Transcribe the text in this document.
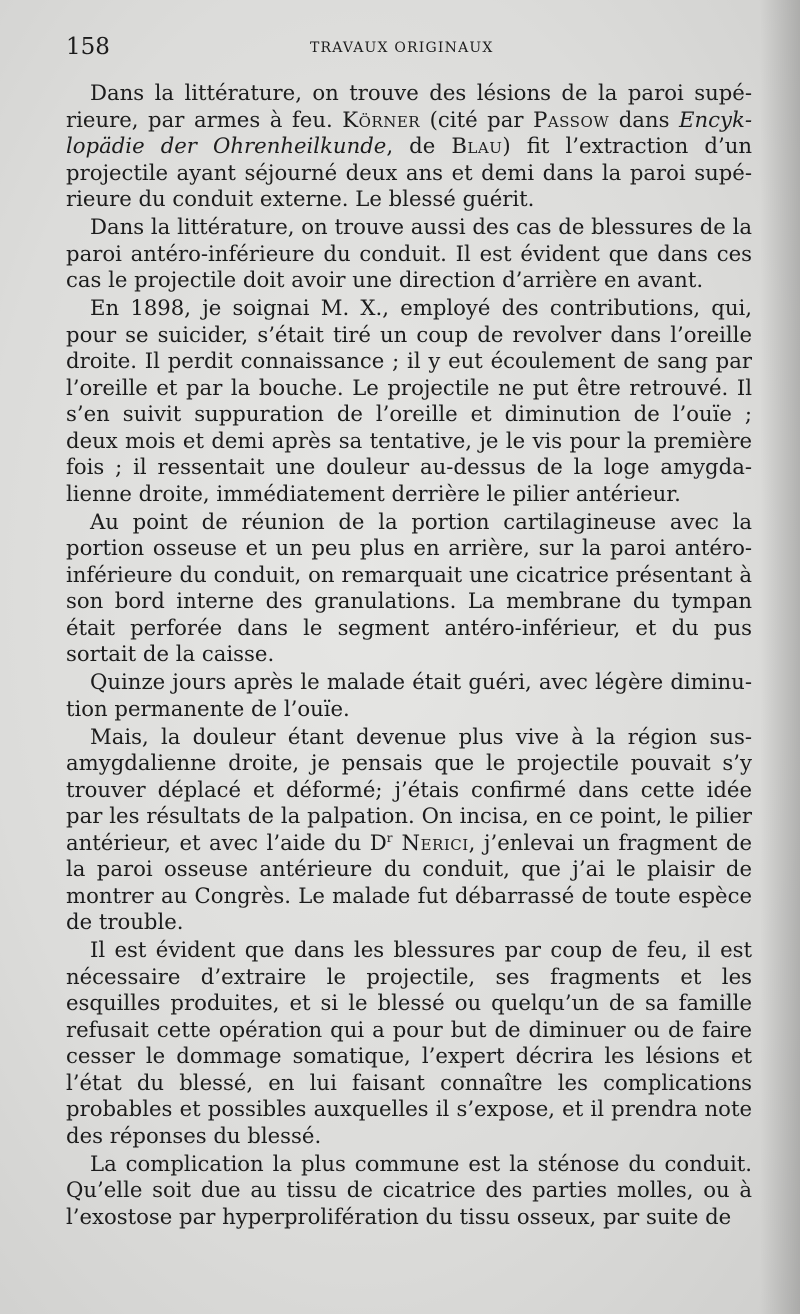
158	TRAVAUX ORIGINAUX

Dans la littérature, on trouve des lésions de la paroi supérieure, par armes à feu. Körner (cité par Passow dans Encyklopädie der Ohrenheilkunde, de Blau) fit l’extraction d’un projectile ayant séjourné deux ans et demi dans la paroi supérieure du conduit externe. Le blessé guérit.

Dans la littérature, on trouve aussi des cas de blessures de la paroi antéro-inférieure du conduit. Il est évident que dans ces cas le projectile doit avoir une direction d’arrière en avant.

En 1898, je soignai M. X., employé des contributions, qui, pour se suicider, s’était tiré un coup de revolver dans l’oreille droite. Il perdit connaissance ; il y eut écoulement de sang par l’oreille et par la bouche. Le projectile ne put être retrouvé. Il s’en suivit suppuration de l’oreille et diminution de l’ouïe ; deux mois et demi après sa tentative, je le vis pour la première fois ; il ressentait une douleur au-dessus de la loge amygdalienne droite, immédiatement derrière le pilier antérieur.

Au point de réunion de la portion cartilagineuse avec la portion osseuse et un peu plus en arrière, sur la paroi antéro-inférieure du conduit, on remarquait une cicatrice présentant à son bord interne des granulations. La membrane du tympan était perforée dans le segment antéro-inférieur, et du pus sortait de la caisse.

Quinze jours après le malade était guéri, avec légère diminution permanente de l’ouïe.

Mais, la douleur étant devenue plus vive à la région sus-amygdalienne droite, je pensais que le projectile pouvait s’y trouver déplacé et déformé; j’étais confirmé dans cette idée par les résultats de la palpation. On incisa, en ce point, le pilier antérieur, et avec l’aide du $D^r$ Nerici, j’enlevai un fragment de la paroi osseuse antérieure du conduit, que j’ai le plaisir de montrer au Congrès. Le malade fut débarrassé de toute espèce de trouble.

Il est évident que dans les blessures par coup de feu, il est nécessaire d’extraire le projectile, ses fragments et les esquilles produites, et si le blessé ou quelqu’un de sa famille refusait cette opération qui a pour but de diminuer ou de faire cesser le dommage somatique, l’expert décrira les lésions et l’état du blessé, en lui faisant connaître les complications probables et possibles auxquelles il s’expose, et il prendra note des réponses du blessé.

La complication la plus commune est la sténose du conduit. Qu’elle soit due au tissu de cicatrice des parties molles, ou à l’exostose par hyperprolifération du tissu osseux, par suite de
